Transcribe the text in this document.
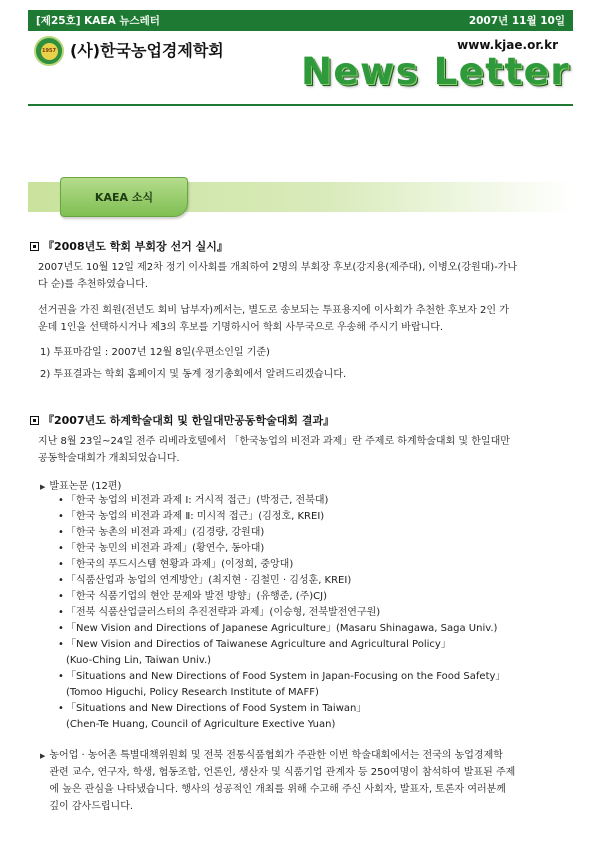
[제25호] KAEA 뉴스레터	2007년 11월 10일
1957 (사)한국농업경제학회	www.kjae.or.kr
News Letter
KAEA 소식
『2008년도 학회 부회장 선거 실시』
2007년도 10월 12일 제2차 정기 이사회를 개최하여 2명의 부회장 후보(강지용(제주대), 이병오(강원대)-가나
다 순)를 추천하였습니다.
선거권을 가진 회원(전년도 회비 납부자)께서는, 별도로 송보되는 투표용지에 이사회가 추천한 후보자 2인 가
운데 1인을 선택하시거나 제3의 후보를 기명하시어 학회 사무국으로 우송해 주시기 바랍니다.
1) 투표마감일 : 2007년 12월 8일(우편소인일 기준)
2) 투표결과는 학회 홈페이지 및 동계 정기총회에서 알려드리겠습니다.
『2007년도 하계학술대회 및 한일대만공동학술대회 결과』
지난 8월 23일~24일 전주 리베라호텔에서 「한국농업의 비전과 과제」란 주제로 하계학술대회 및 한일대만
공동학술대회가 개최되었습니다.
▶ 발표논문 (12편)
• 「한국 농업의 비전과 과제 Ⅰ: 거시적 접근」(박정근, 전북대)
• 「한국 농업의 비전과 과제 Ⅱ: 미시적 접근」(김정호, KREI)
• 「한국 농촌의 비전과 과제」(김경량, 강원대)
• 「한국 농민의 비전과 과제」(황연수, 동아대)
• 「한국의 푸드시스템 현황과 과제」(이정희, 중앙대)
• 「식품산업과 농업의 연계방안」(최지현 · 김철민 · 김성훈, KREI)
• 「한국 식품기업의 현안 문제와 발전 방향」(유행준, (주)CJ)
• 「전북 식품산업클러스터의 추진전략과 과제」(이승형, 전북발전연구원)
• 「New Vision and Directions of Japanese Agriculture」(Masaru Shinagawa, Saga Univ.)
• 「New Vision and Directios of Taiwanese Agriculture and Agricultural Policy」
(Kuo-Ching Lin, Taiwan Univ.)
• 「Situations and New Directions of Food System in Japan-Focusing on the Food Safety」
(Tomoo Higuchi, Policy Research Institute of MAFF)
• 「Situations and New Directions of Food System in Taiwan」
(Chen-Te Huang, Council of Agriculture Exective Yuan)
▶ 농어업 · 농어촌 특별대책위원회 및 전북 전통식품협회가 주관한 이번 학술대회에서는 전국의 농업경제학
관련 교수, 연구자, 학생, 협동조합, 언론인, 생산자 및 식품기업 관계자 등 250여명이 참석하여 발표된 주제
에 높은 관심을 나타냈습니다. 행사의 성공적인 개최를 위해 수고해 주신 사회자, 발표자, 토론자 여러분께
깊이 감사드립니다.
